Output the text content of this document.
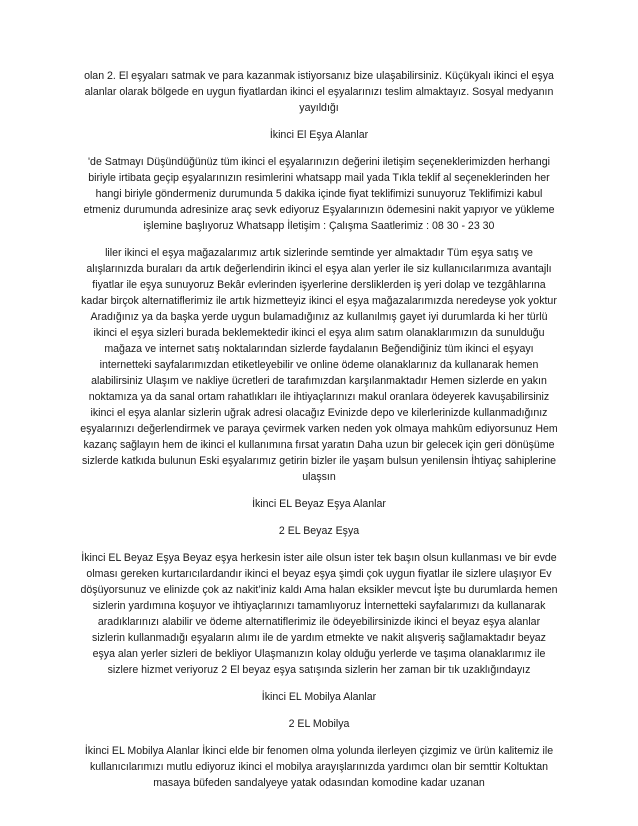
olan 2. El eşyaları satmak ve para kazanmak istiyorsanız bize ulaşabilirsiniz. Küçükyalı ikinci el eşya alanlar olarak bölgede en uygun fiyatlardan ikinci el eşyalarınızı teslim almaktayız. Sosyal medyanın yayıldığı

İkinci El Eşya Alanlar

'de Satmayı Düşündüğünüz tüm ikinci el eşyalarınızın değerini iletişim seçeneklerimizden herhangi biriyle irtibata geçip eşyalarınızın resimlerini whatsapp mail yada Tıkla teklif al seçeneklerinden her hangi biriyle göndermeniz durumunda 5 dakika içinde fiyat teklifimizi sunuyoruz Teklifimizi kabul etmeniz durumunda adresinize araç sevk ediyoruz Eşyalarınızın ödemesini nakit yapıyor ve yükleme işlemine başlıyoruz Whatsapp İletişim : Çalışma Saatlerimiz : 08 30 - 23 30

liler ikinci el eşya mağazalarımız artık sizlerinde semtinde yer almaktadır Tüm eşya satış ve alışlarınızda buraları da artık değerlendirin ikinci el eşya alan yerler ile siz kullanıcılarımıza avantajlı fiyatlar ile eşya sunuyoruz Bekâr evlerinden işyerlerine dersliklerden iş yeri dolap ve tezgâhlarına kadar birçok alternatiflerimiz ile artık hizmetteyiz ikinci el eşya mağazalarımızda neredeyse yok yoktur Aradığınız ya da başka yerde uygun bulamadığınız az kullanılmış gayet iyi durumlarda ki her türlü ikinci el eşya sizleri burada beklemektedir ikinci el eşya alım satım olanaklarımızın da sunulduğu mağaza ve internet satış noktalarından sizlerde faydalanın Beğendiğiniz tüm ikinci el eşyayı internetteki sayfalarımızdan etiketleyebilir ve online ödeme olanaklarınız da kullanarak hemen alabilirsiniz Ulaşım ve nakliye ücretleri de tarafımızdan karşılanmaktadır Hemen sizlerde en yakın noktamıza ya da sanal ortam rahatlıkları ile ihtiyaçlarınızı makul oranlara ödeyerek kavuşabilirsiniz ikinci el eşya alanlar sizlerin uğrak adresi olacağız Evinizde depo ve kilerlerinizde kullanmadığınız eşyalarınızı değerlendirmek ve paraya çevirmek varken neden yok olmaya mahkûm ediyorsunuz Hem kazanç sağlayın hem de ikinci el kullanımına fırsat yaratın Daha uzun bir gelecek için geri dönüşüme sizlerde katkıda bulunun Eski eşyalarımız getirin bizler ile yaşam bulsun yenilensin İhtiyaç sahiplerine ulaşsın

İkinci EL Beyaz Eşya Alanlar

2 EL Beyaz Eşya

İkinci EL Beyaz Eşya Beyaz eşya herkesin ister aile olsun ister tek başın olsun kullanması ve bir evde olması gereken kurtarıcılardandır ikinci el beyaz eşya şimdi çok uygun fiyatlar ile sizlere ulaşıyor Ev döşüyorsunuz ve elinizde çok az nakit’iniz kaldı Ama halan eksikler mevcut İşte bu durumlarda hemen sizlerin yardımına koşuyor ve ihtiyaçlarınızı tamamlıyoruz İnternetteki sayfalarımızı da kullanarak aradıklarınızı alabilir ve ödeme alternatiflerimiz ile ödeyebilirsinizde ikinci el beyaz eşya alanlar sizlerin kullanmadığı eşyaların alımı ile de yardım etmekte ve nakit alışveriş sağlamaktadır beyaz eşya alan yerler sizleri de bekliyor Ulaşmanızın kolay olduğu yerlerde ve taşıma olanaklarımız ile sizlere hizmet veriyoruz 2 El beyaz eşya satışında sizlerin her zaman bir tık uzaklığındayız

İkinci EL Mobilya Alanlar

2 EL Mobilya

İkinci EL Mobilya Alanlar İkinci elde bir fenomen olma yolunda ilerleyen çizgimiz ve ürün kalitemiz ile kullanıcılarımızı mutlu ediyoruz ikinci el mobilya arayışlarınızda yardımcı olan bir semttir Koltuktan masaya büfeden sandalyeye yatak odasından komodine kadar uzanan
